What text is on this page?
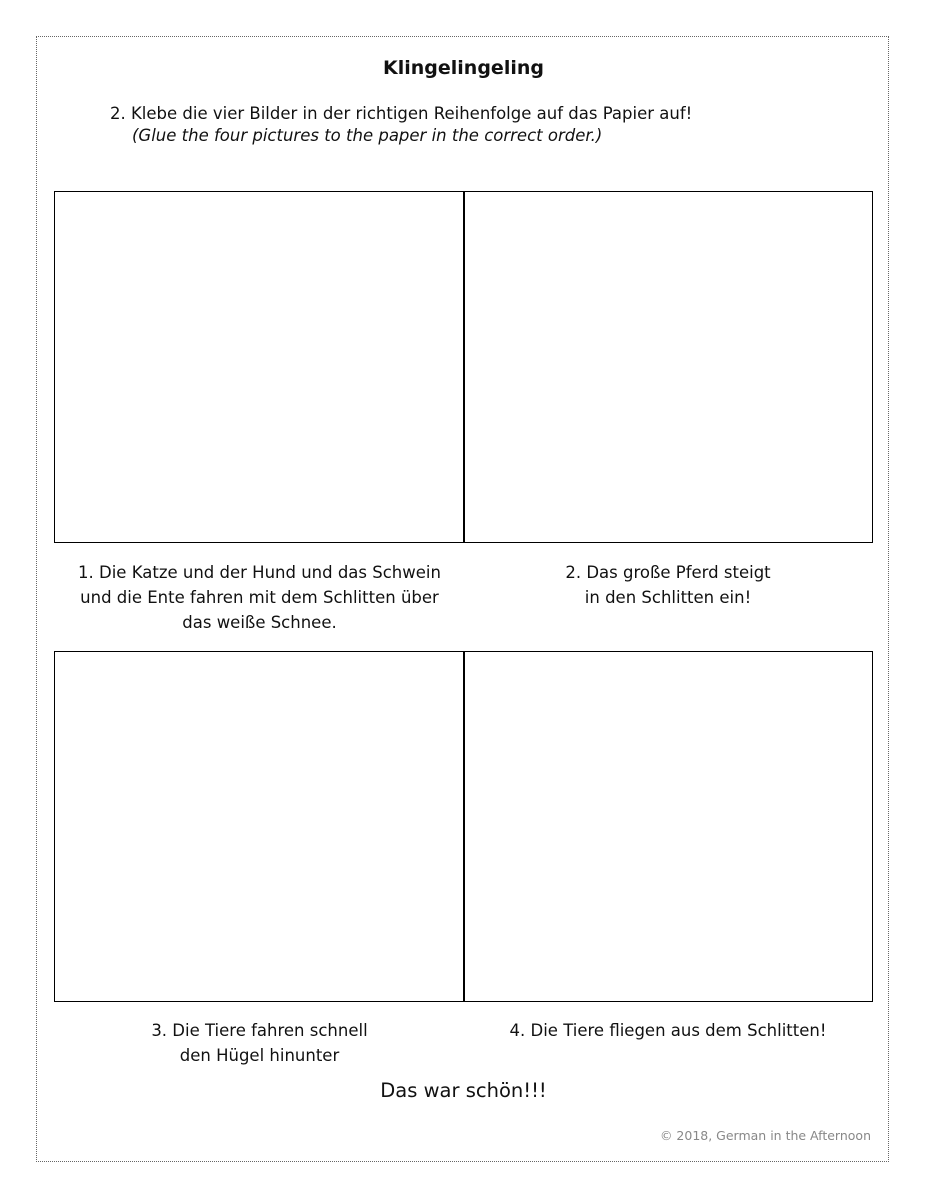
Klingelingeling
2. Klebe die vier Bilder in der richtigen Reihenfolge auf das Papier auf!
(Glue the four pictures to the paper in the correct order.)
1. Die Katze und der Hund und das Schwein
und die Ente fahren mit dem Schlitten über
das weiße Schnee.
2. Das große Pferd steigt
in den Schlitten ein!
3. Die Tiere fahren schnell
den Hügel hinunter
4. Die Tiere fliegen aus dem Schlitten!
Das war schön!!!
© 2018, German in the Afternoon
